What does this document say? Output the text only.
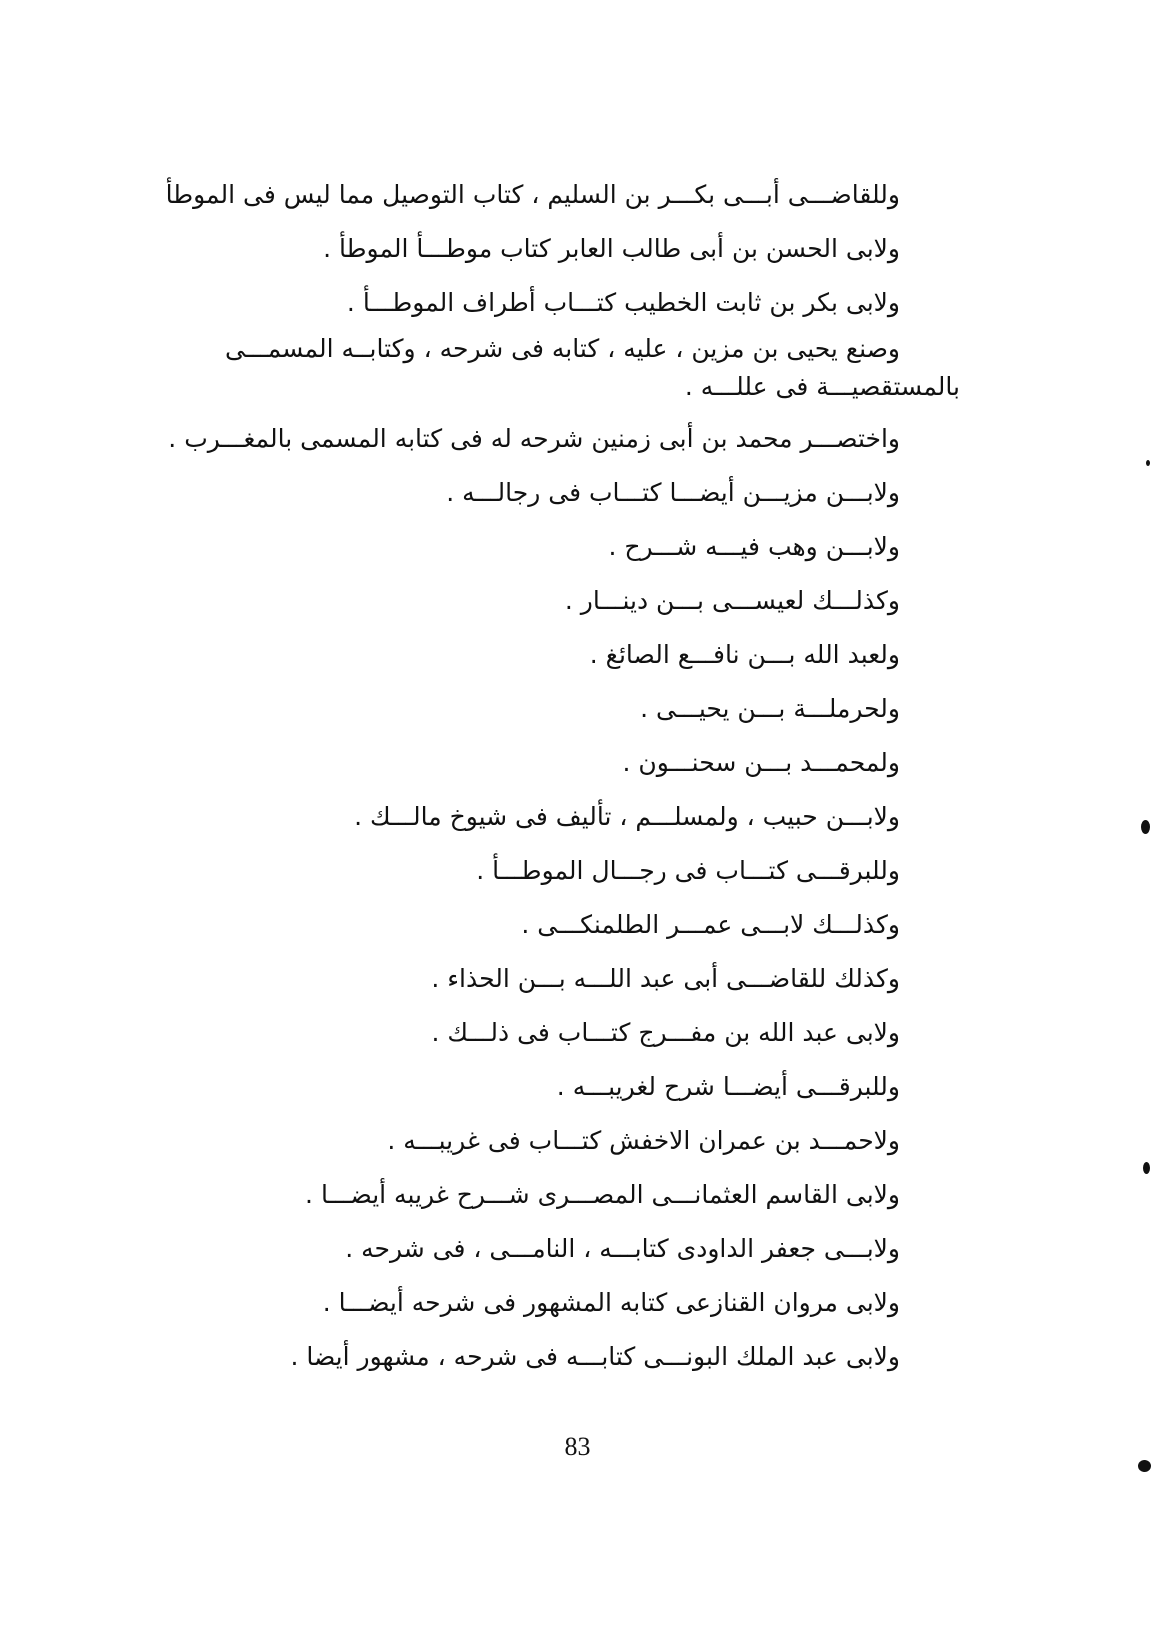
وللقاضـــى أبـــى بكـــر بن السليم ، كتاب التوصيل مما ليس فى الموطأ
ولابى الحسن بن أبى طالب العابر كتاب موطـــأ الموطأ .
ولابى بكر بن ثابت الخطيب كتـــاب أطراف الموطـــأ .
وصنع يحيى بن مزين ، عليه ، كتابه فى شرحه ، وكتابــه المسمـــى
بالمستقصيـــة فى عللـــه .
واختصـــر محمد بن أبى زمنين شرحه له فى كتابه المسمى بالمغـــرب .
ولابـــن مزيـــن أيضـــا كتـــاب فى رجالـــه .
ولابـــن وهب فيـــه شـــرح .
وكذلـــك لعيســـى بـــن دينـــار .
ولعبد الله بـــن نافـــع الصائغ .
ولحرملـــة بـــن يحيـــى .
ولمحمـــد بـــن سحنـــون .
ولابـــن حبيب ، ولمسلـــم ، تأليف فى شيوخ مالـــك .
وللبرقـــى كتـــاب فى رجـــال الموطـــأ .
وكذلـــك لابـــى عمـــر الطلمنكـــى .
وكذلك للقاضـــى أبى عبد اللـــه بـــن الحذاء .
ولابى عبد الله بن مفـــرج كتـــاب فى ذلـــك .
وللبرقـــى أيضـــا شرح لغريبـــه .
ولاحمـــد بن عمران الاخفش كتـــاب فى غريبـــه .
ولابى القاسم العثمانـــى المصـــرى شـــرح غريبه أيضـــا .
ولابـــى جعفر الداودى كتابـــه ، النامـــى ، فى شرحه .
ولابى مروان القنازعى كتابه المشهور فى شرحه أيضـــا .
ولابى عبد الملك البونـــى كتابـــه فى شرحه ، مشهور أيضا .
83
